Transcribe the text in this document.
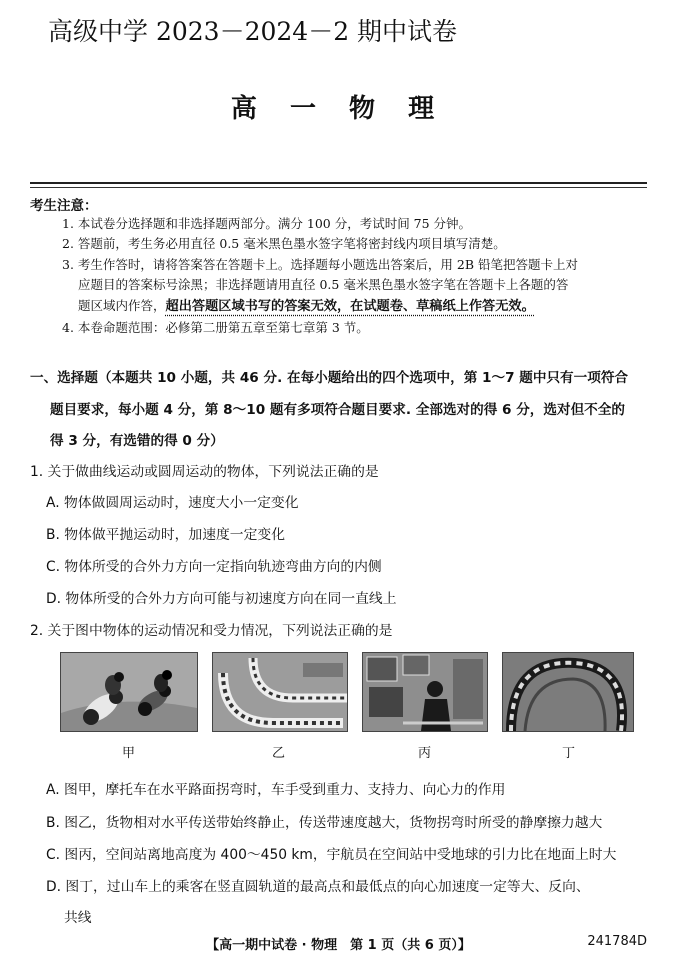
高级中学 2023－2024－2 期中试卷
高 一 物 理
考生注意：
1. 本试卷分选择题和非选择题两部分。满分 100 分，考试时间 75 分钟。
2. 答题前，考生务必用直径 0.5 毫米黑色墨水签字笔将密封线内项目填写清楚。
3. 考生作答时，请将答案答在答题卡上。选择题每小题选出答案后，用 2B 铅笔把答题卡上对
应题目的答案标号涂黑；非选择题请用直径 0.5 毫米黑色墨水签字笔在答题卡上各题的答
题区域内作答，超出答题区域书写的答案无效，在试题卷、草稿纸上作答无效。
4. 本卷命题范围：必修第二册第五章至第七章第 3 节。
一、选择题（本题共 10 小题，共 46 分. 在每小题给出的四个选项中，第 1～7 题中只有一项符合
题目要求，每小题 4 分，第 8～10 题有多项符合题目要求. 全部选对的得 6 分，选对但不全的
得 3 分，有选错的得 0 分）
1. 关于做曲线运动或圆周运动的物体，下列说法正确的是
A. 物体做圆周运动时，速度大小一定变化
B. 物体做平抛运动时，加速度一定变化
C. 物体所受的合外力方向一定指向轨迹弯曲方向的内侧
D. 物体所受的合外力方向可能与初速度方向在同一直线上
2. 关于图中物体的运动情况和受力情况，下列说法正确的是
甲	乙	丙	丁
A. 图甲，摩托车在水平路面拐弯时，车手受到重力、支持力、向心力的作用
B. 图乙，货物相对水平传送带始终静止，传送带速度越大，货物拐弯时所受的静摩擦力越大
C. 图丙，空间站离地高度为 400～450 km，宇航员在空间站中受地球的引力比在地面上时大
D. 图丁，过山车上的乘客在竖直圆轨道的最高点和最低点的向心加速度一定等大、反向、
共线
【高一期中试卷 · 物理　第 1 页（共 6 页）】	241784D
